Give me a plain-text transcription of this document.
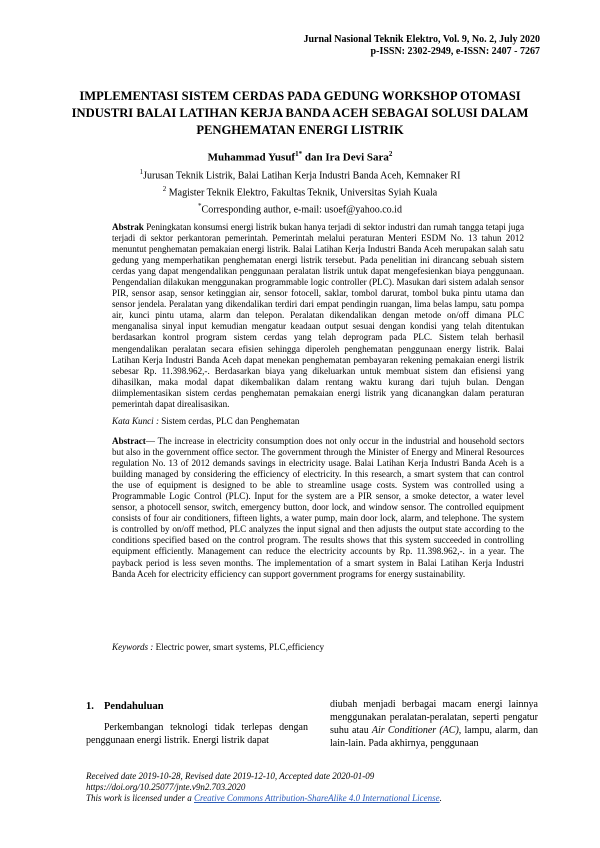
Jurnal Nasional Teknik Elektro, Vol. 9, No. 2, July 2020
p-ISSN: 2302-2949, e-ISSN: 2407 - 7267
IMPLEMENTASI SISTEM CERDAS PADA GEDUNG WORKSHOP OTOMASI INDUSTRI BALAI LATIHAN KERJA BANDA ACEH SEBAGAI SOLUSI DALAM PENGHEMATAN ENERGI LISTRIK
Muhammad Yusuf$^{1*}$ dan Ira Devi Sara$^2$
$^1$Jurusan Teknik Listrik, Balai Latihan Kerja Industri Banda Aceh, Kemnaker RI
$^2$ Magister Teknik Elektro, Fakultas Teknik, Universitas Syiah Kuala
*Corresponding author, e-mail: usoef@yahoo.co.id
Abstrak Peningkatan konsumsi energi listrik bukan hanya terjadi di sektor industri dan rumah tangga tetapi juga terjadi di sektor perkantoran pemerintah. Pemerintah melalui peraturan Menteri ESDM No. 13 tahun 2012 menuntut penghematan pemakaian energi listrik. Balai Latihan Kerja Industri Banda Aceh merupakan salah satu gedung yang memperhatikan penghematan energi listrik tersebut. Pada penelitian ini dirancang sebuah sistem cerdas yang dapat mengendalikan penggunaan peralatan listrik untuk dapat mengefesienkan biaya penggunaan. Pengendalian dilakukan menggunakan programmable logic controller (PLC). Masukan dari sistem adalah sensor PIR, sensor asap, sensor ketinggian air, sensor fotocell, saklar, tombol darurat, tombol buka pintu utama dan sensor jendela. Peralatan yang dikendalikan terdiri dari empat pendingin ruangan, lima belas lampu, satu pompa air, kunci pintu utama, alarm dan telepon. Peralatan dikendalikan dengan metode on/off dimana PLC menganalisa sinyal input kemudian mengatur keadaan output sesuai dengan kondisi yang telah ditentukan berdasarkan kontrol program sistem cerdas yang telah deprogram pada PLC. Sistem telah berhasil mengendalikan peralatan secara efisien sehingga diperoleh penghematan penggunaan energy listrik. Balai Latihan Kerja Industri Banda Aceh dapat menekan penghematan pembayaran rekening pemakaian energi listrik sebesar Rp. 11.398.962,-. Berdasarkan biaya yang dikeluarkan untuk membuat sistem dan efisiensi yang dihasilkan, maka modal dapat dikembalikan dalam rentang waktu kurang dari tujuh bulan. Dengan diimplementasikan sistem cerdas penghematan pemakaian energi listrik yang dicanangkan dalam peraturan pemerintah dapat direalisasikan.
Kata Kunci : Sistem cerdas, PLC dan Penghematan
Abstract— The increase in electricity consumption does not only occur in the industrial and household sectors but also in the government office sector. The government through the Minister of Energy and Mineral Resources regulation No. 13 of 2012 demands savings in electricity usage. Balai Latihan Kerja Industri Banda Aceh is a building managed by considering the efficiency of electricity. In this research, a smart system that can control the use of equipment is designed to be able to streamline usage costs. System was controlled using a Programmable Logic Control (PLC). Input for the system are a PIR sensor, a smoke detector, a water level sensor, a photocell sensor, switch, emergency button, door lock, and window sensor. The controlled equipment consists of four air conditioners, fifteen lights, a water pump, main door lock, alarm, and telephone. The system is controlled by on/off method, PLC analyzes the input signal and then adjusts the output state according to the conditions specified based on the control program. The results shows that this system succeeded in controlling equipment efficiently. Management can reduce the electricity accounts by Rp. 11.398.962,-. in a year. The payback period is less seven months. The implementation of a smart system in Balai Latihan Kerja Industri Banda Aceh for electricity efficiency can support government programs for energy sustainability.
Keywords : Electric power, smart systems, PLC,efficiency
1. Pendahuluan

Perkembangan teknologi tidak terlepas dengan penggunaan energi listrik. Energi listrik dapat

diubah menjadi berbagai macam energi lainnya menggunakan peralatan-peralatan, seperti pengatur suhu atau Air Conditioner (AC), lampu, alarm, dan lain-lain. Pada akhirnya, penggunaan

Received date 2019-10-28, Revised date 2019-12-10, Accepted date 2020-01-09
https://doi.org/10.25077/jnte.v9n2.703.2020
This work is licensed under a Creative Commons Attribution-ShareAlike 4.0 International License.
